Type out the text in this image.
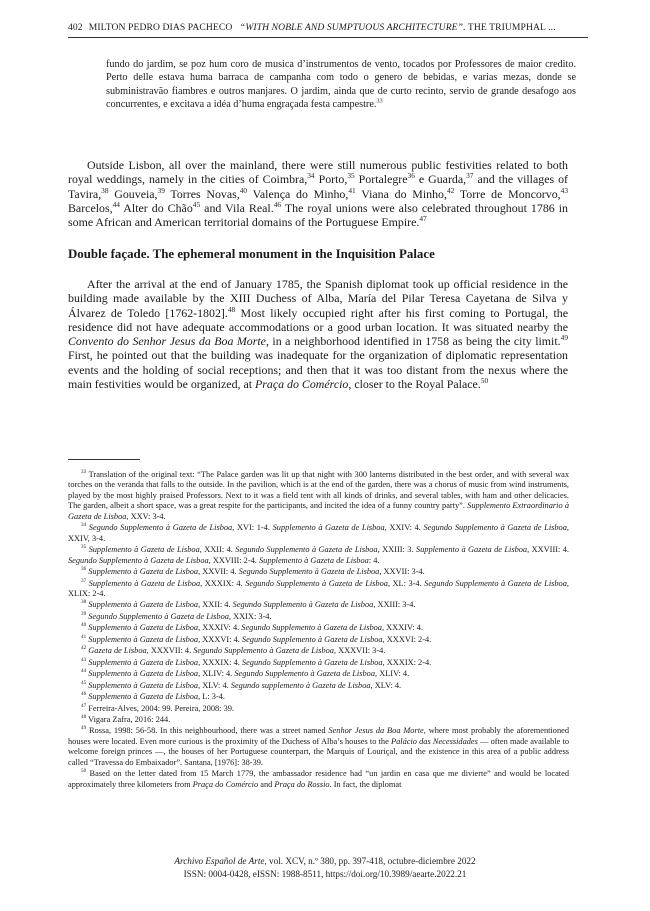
402 MILTON PEDRO DIAS PACHECO “WITH NOBLE AND SUMPTUOUS ARCHITECTURE”. THE TRIUMPHAL ...
fundo do jardim, se poz hum coro de musica d’instrumentos de vento, tocados por Professores de maior credito. Perto delle estava huma barraca de campanha com todo o genero de bebidas, e varias mezas, donde se subministravão fiambres e outros manjares. O jardim, ainda que de curto recinto, servio de grande desafogo aos concurrentes, e excitava a idéa d’huma engraçada festa campestre.$^{33}$

Outside Lisbon, all over the mainland, there were still numerous public festivities related to both royal weddings, namely in the cities of Coimbra,$^{34}$ Porto,$^{35}$ Portalegre$^{36}$ e Guarda,$^{37}$ and the villages of Tavira,$^{38}$ Gouveia,$^{39}$ Torres Novas,$^{40}$ Valença do Minho,$^{41}$ Viana do Minho,$^{42}$ Torre de Moncorvo,$^{43}$ Barcelos,$^{44}$ Alter do Chão$^{45}$ and Vila Real.$^{46}$ The royal unions were also celebrated throughout 1786 in some African and American territorial domains of the Portuguese Empire.$^{47}$

Double façade. The ephemeral monument in the Inquisition Palace

After the arrival at the end of January 1785, the Spanish diplomat took up official residence in the building made available by the XIII Duchess of Alba, María del Pilar Teresa Cayetana de Silva y Álvarez de Toledo [1762-1802].$^{48}$ Most likely occupied right after his first coming to Portugal, the residence did not have adequate accommodations or a good urban location. It was situated nearby the Convento do Senhor Jesus da Boa Morte, in a neighborhood identified in 1758 as being the city limit.$^{49}$ First, he pointed out that the building was inadequate for the organization of diplomatic representation events and the holding of social receptions; and then that it was too distant from the nexus where the main festivities would be organized, at Praça do Comércio, closer to the Royal Palace.$^{50}$

$^{33}$ Translation of the original text: “The Palace garden was lit up that night with 300 lanterns distributed in the best order, and with several wax torches on the veranda that falls to the outside. In the pavilion, which is at the end of the garden, there was a chorus of music from wind instruments, played by the most highly praised Professors. Next to it was a field tent with all kinds of drinks, and several tables, with ham and other delicacies. The garden, albeit a short space, was a great respite for the participants, and incited the idea of a funny country party”. Supplemento Extraordinario à Gazeta de Lisboa, XXV: 3-4.

$^{34}$ Segundo Supplemento à Gazeta de Lisboa, XVI: 1-4. Supplemento à Gazeta de Lisboa, XXIV: 4. Segundo Supplemento à Gazeta de Lisboa, XXIV, 3-4.

$^{35}$ Supplemento à Gazeta de Lisboa, XXII: 4. Segundo Supplemento à Gazeta de Lisboa, XXIII: 3. Supplemento à Gazeta de Lisboa, XXVIII: 4. Segundo Supplemento à Gazeta de Lisboa, XXVIII: 2-4. Supplemento à Gazeta de Lisboa: 4.

$^{36}$ Supplemento à Gazeta de Lisboa, XXVII: 4. Segundo Supplemento à Gazeta de Lisboa, XXVII: 3-4.

$^{37}$ Supplemento à Gazeta de Lisboa, XXXIX: 4. Segundo Supplemento à Gazeta de Lisboa, XL: 3-4. Segundo Supplemento à Gazeta de Lisboa, XLIX: 2-4.

$^{38}$ Supplemento à Gazeta de Lisboa, XXII: 4. Segundo Supplemento à Gazeta de Lisboa, XXIII: 3-4.

$^{39}$ Segundo Supplemento à Gazeta de Lisboa, XXIX: 3-4.

$^{40}$ Supplemento à Gazeta de Lisboa, XXXIV: 4. Segundo Supplemento à Gazeta de Lisboa, XXXIV: 4.

$^{41}$ Supplemento à Gazeta de Lisboa, XXXVI: 4. Segundo Supplemento à Gazeta de Lisboa, XXXVI: 2-4.

$^{42}$ Gazeta de Lisboa, XXXVII: 4. Segundo Supplemento à Gazeta de Lisboa, XXXVII: 3-4.

$^{43}$ Supplemento à Gazeta de Lisboa, XXXIX: 4. Segundo Supplemento à Gazeta de Lisboa, XXXIX: 2-4.

$^{44}$ Supplemento à Gazeta de Lisboa, XLIV: 4. Segundo Supplemento à Gazeta de Lisboa, XLIV: 4.

$^{45}$ Supplemento à Gazeta de Lisboa, XLV: 4. Segundo supplemento à Gazeta de Lisboa, XLV: 4.

$^{46}$ Supplemento à Gazeta de Lisboa, L: 3-4.

$^{47}$ Ferreira-Alves, 2004: 99. Pereira, 2008: 39.

$^{48}$ Vigara Zafra, 2016: 244.

$^{49}$ Rossa, 1998: 56-58. In this neighbourhood, there was a street named Senhor Jesus da Boa Morte, where most probably the aforementioned houses were located. Even more curious is the proximity of the Duchess of Alba’s houses to the Palácio das Necessidades — often made available to welcome foreign princes —, the houses of her Portuguese counterpart, the Marquis of Louriçal, and the existence in this area of a public address called “Travessa do Embaixador”. Santana, [1976]: 38-39.

$^{50}$ Based on the letter dated from 15 March 1779, the ambassador residence had “un jardin en casa que me divierte” and would be located approximately three kilometers from Praça do Comércio and Praça do Rossio. In fact, the diplomat

Archivo Español de Arte, vol. XCV, n.º 380, pp. 397-418, octubre-diciembre 2022
ISSN: 0004-0428, eISSN: 1988-8511, https://doi.org/10.3989/aearte.2022.21
